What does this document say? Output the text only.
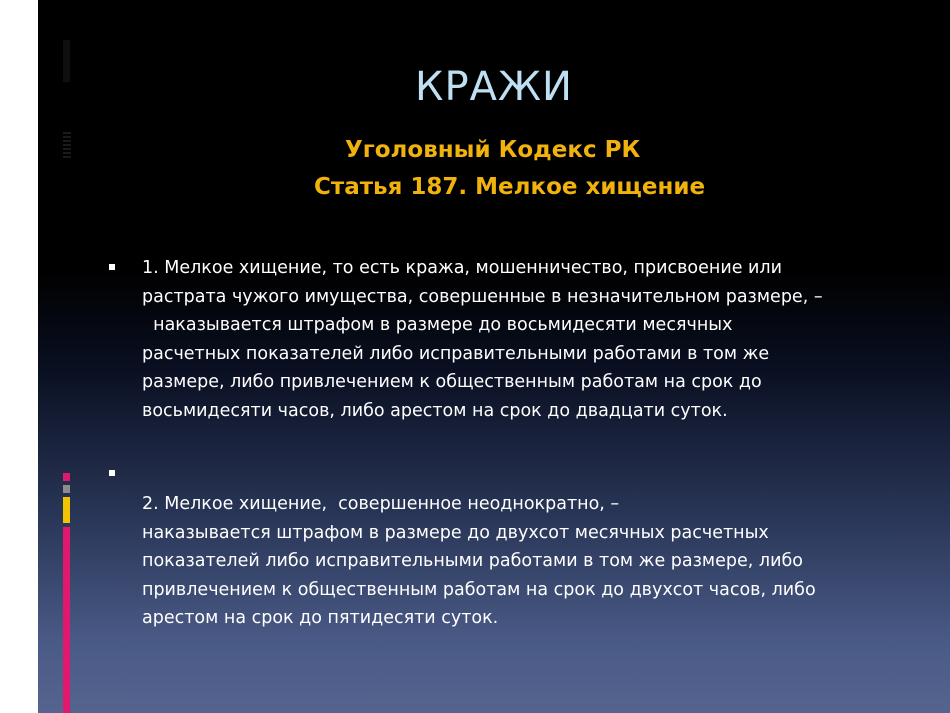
КРАЖИ
Уголовный Кодекс РК
Статья 187. Мелкое хищение
1. Мелкое хищение, то есть кража, мошенничество, присвоение или
растрата чужого имущества, совершенные в незначительном размере, –
наказывается штрафом в размере до восьмидесяти месячных
расчетных показателей либо исправительными работами в том же
размере, либо привлечением к общественным работам на срок до
восьмидесяти часов, либо арестом на срок до двадцати суток.
2. Мелкое хищение,  совершенное неоднократно, –
наказывается штрафом в размере до двухсот месячных расчетных
показателей либо исправительными работами в том же размере, либо
привлечением к общественным работам на срок до двухсот часов, либо
арестом на срок до пятидесяти суток.
